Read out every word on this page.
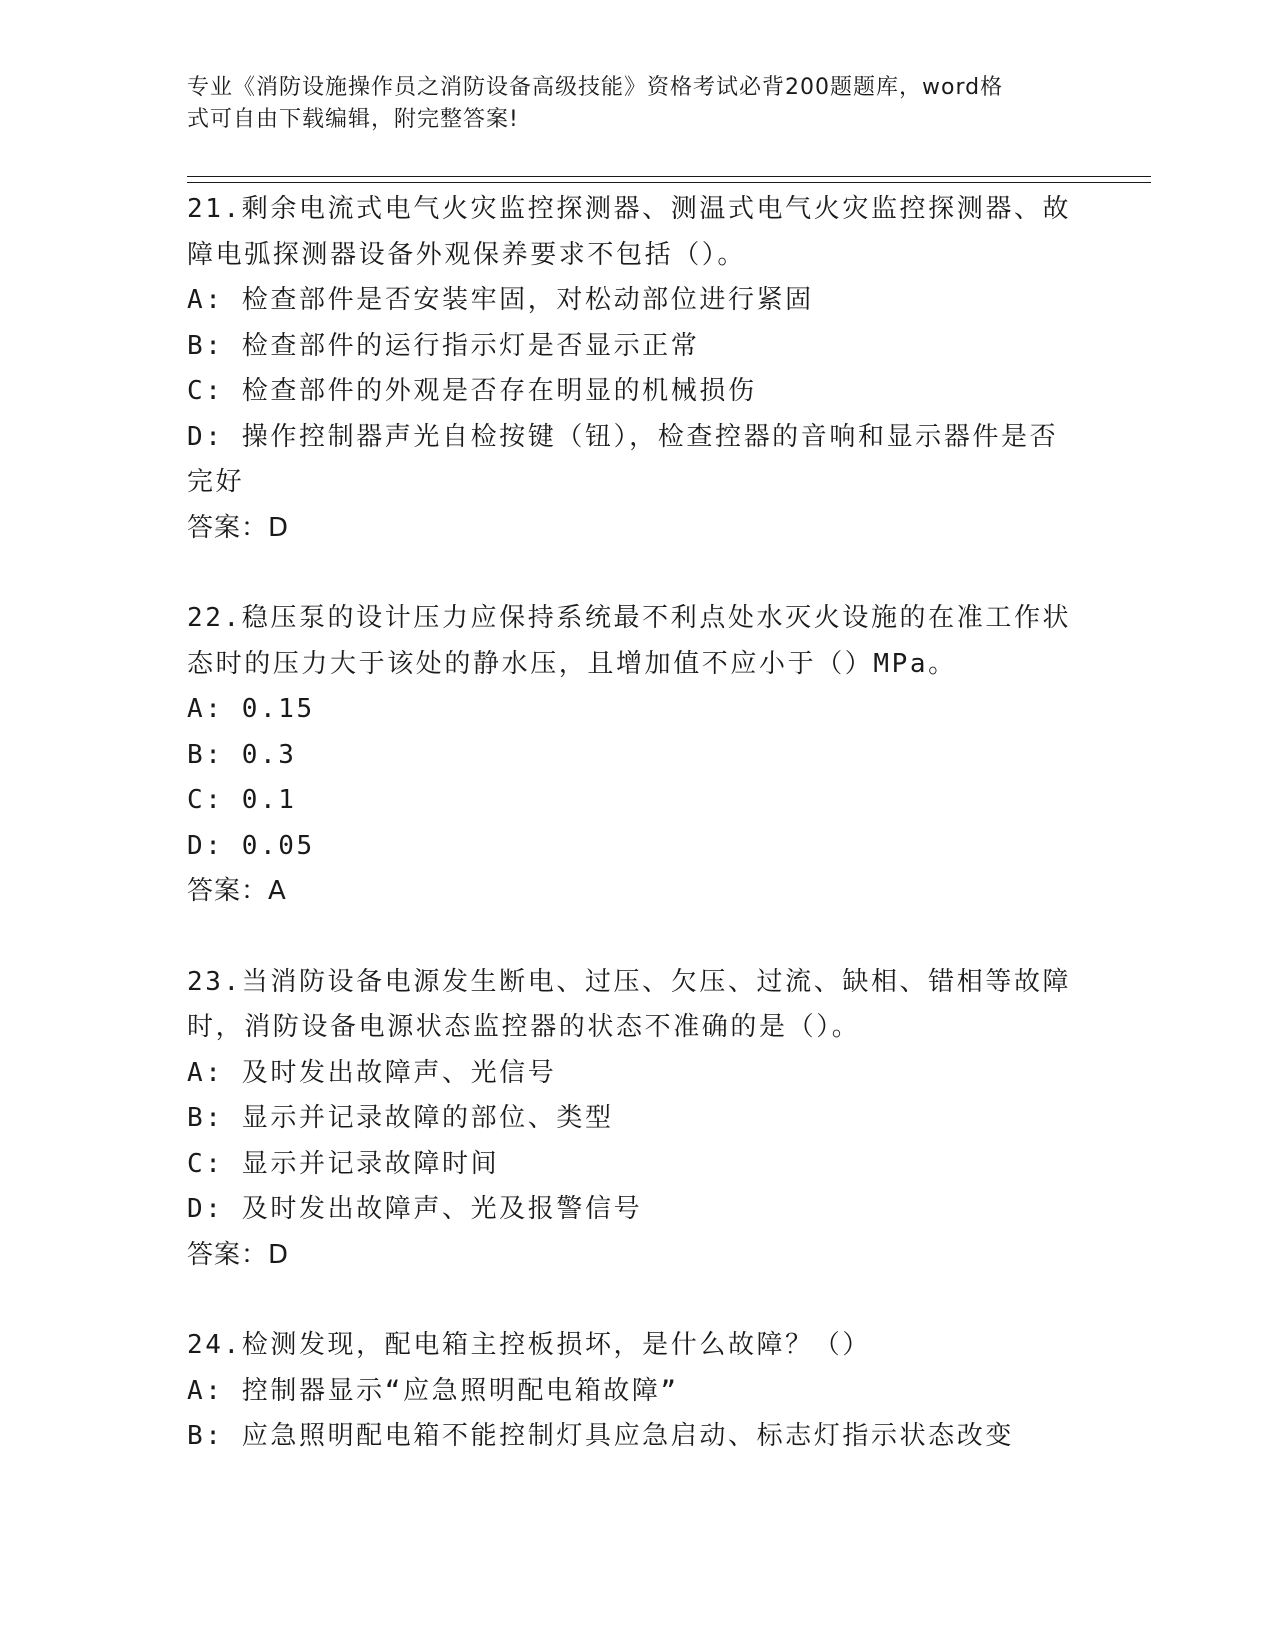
专业《消防设施操作员之消防设备高级技能》资格考试必背200题题库，word格
式可自由下载编辑，附完整答案!
21.剩余电流式电气火灾监控探测器、测温式电气火灾监控探测器、故
障电弧探测器设备外观保养要求不包括（）。
A : 检查部件是否安装牢固，对松动部位进行紧固
B : 检查部件的运行指示灯是否显示正常
C : 检查部件的外观是否存在明显的机械损伤
D : 操作控制器声光自检按键（钮），检查控器的音响和显示器件是否
完好
答案：D
22.稳压泵的设计压力应保持系统最不利点处水灭火设施的在准工作状
态时的压力大于该处的静水压，且增加值不应小于（）MPa。
A : 0.15
B : 0.3
C : 0.1
D : 0.05
答案：A
23.当消防设备电源发生断电、过压、欠压、过流、缺相、错相等故障
时，消防设备电源状态监控器的状态不准确的是（）。
A : 及时发出故障声、光信号
B : 显示并记录故障的部位、类型
C : 显示并记录故障时间
D : 及时发出故障声、光及报警信号
答案：D
24.检测发现，配电箱主控板损坏，是什么故障？（）
A : 控制器显示“应急照明配电箱故障”
B : 应急照明配电箱不能控制灯具应急启动、标志灯指示状态改变
